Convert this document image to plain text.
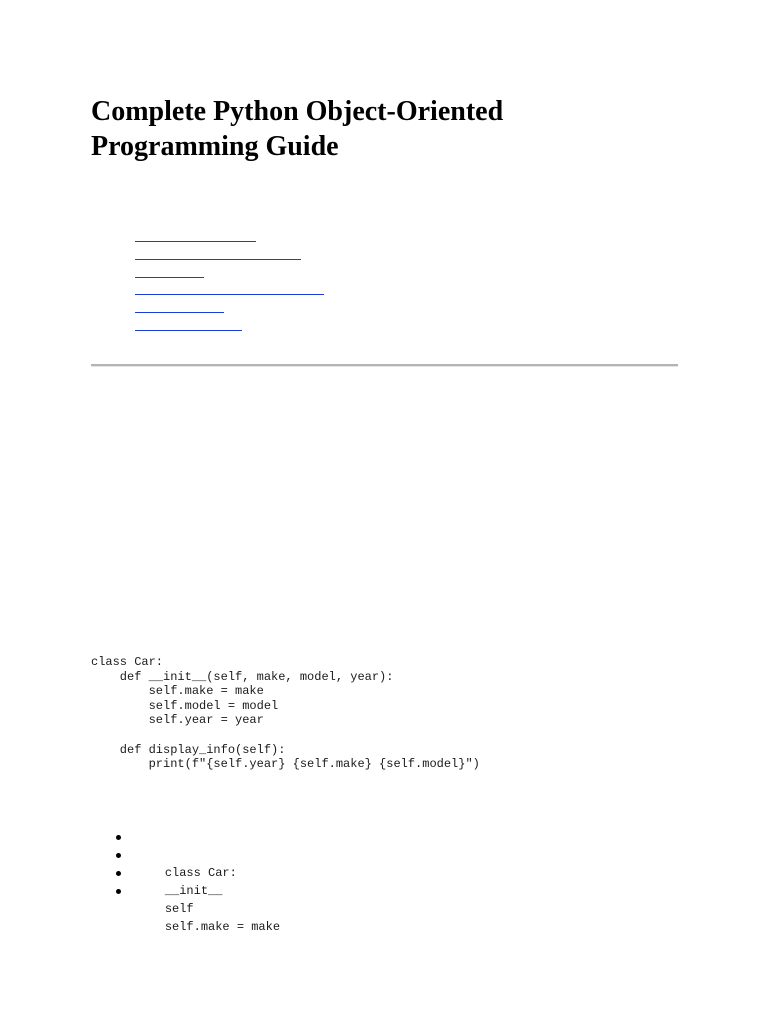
Complete Python Object-Oriented Programming Guide
class Car:
def __init__(self, make, model, year):
self.make = make
self.model = model
self.year = year

def display_info(self):
print(f"{self.year} {self.make} {self.model}")

class Car:

__init__

self

self.make = make
